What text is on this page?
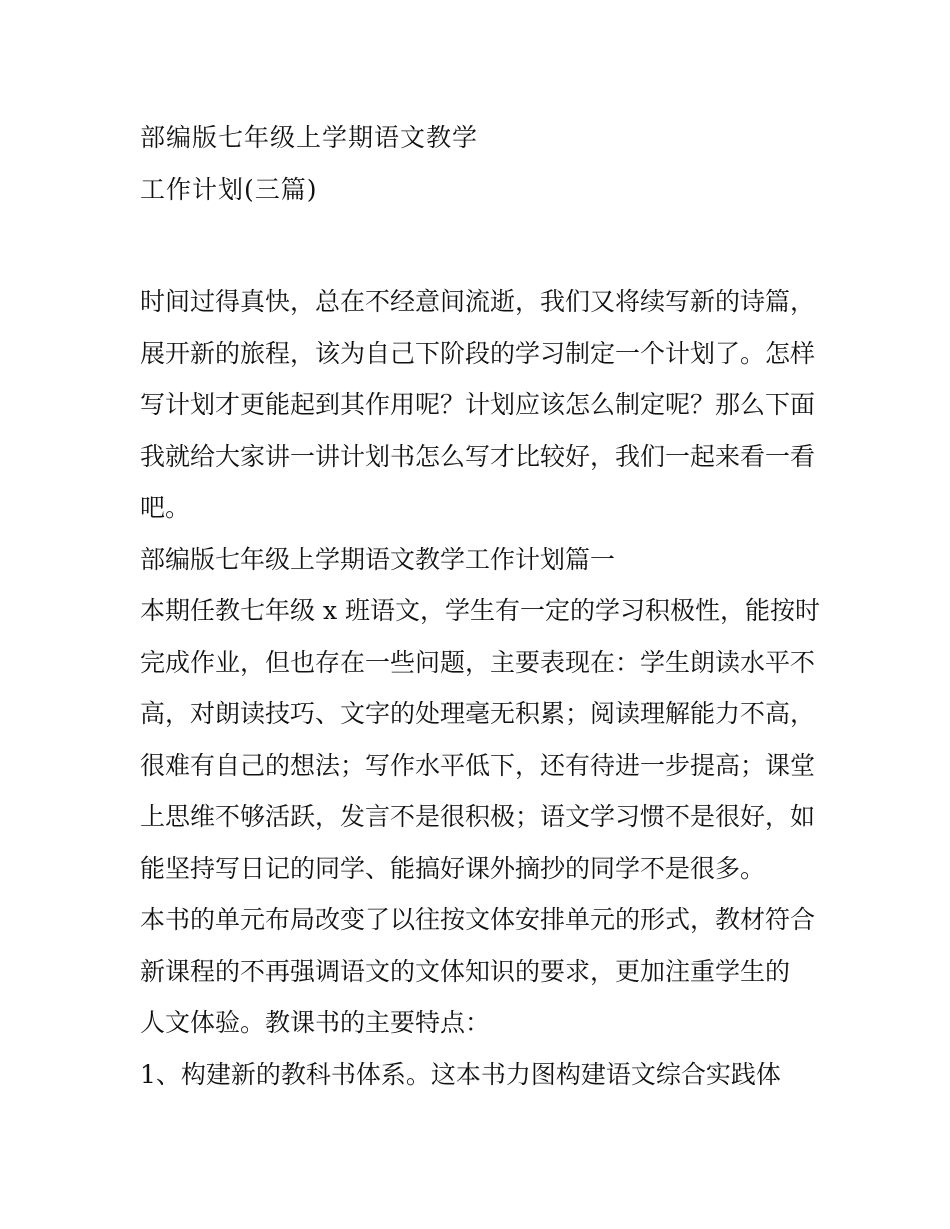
部编版七年级上学期语文教学
工作计划(三篇)

时间过得真快，总在不经意间流逝，我们又将续写新的诗篇，
展开新的旅程，该为自己下阶段的学习制定一个计划了。怎样
写计划才更能起到其作用呢？计划应该怎么制定呢？那么下面
我就给大家讲一讲计划书怎么写才比较好，我们一起来看一看
吧。

部编版七年级上学期语文教学工作计划篇一

本期任教七年级 x 班语文，学生有一定的学习积极性，能按时
完成作业，但也存在一些问题，主要表现在：学生朗读水平不
高，对朗读技巧、文字的处理毫无积累；阅读理解能力不高，
很难有自己的想法；写作水平低下，还有待进一步提高；课堂
上思维不够活跃，发言不是很积极；语文学习惯不是很好，如
能坚持写日记的同学、能搞好课外摘抄的同学不是很多。

本书的单元布局改变了以往按文体安排单元的形式，教材符合
新课程的不再强调语文的文体知识的要求，更加注重学生的
人文体验。教课书的主要特点：

1、构建新的教科书体系。这本书力图构建语文综合实践体
